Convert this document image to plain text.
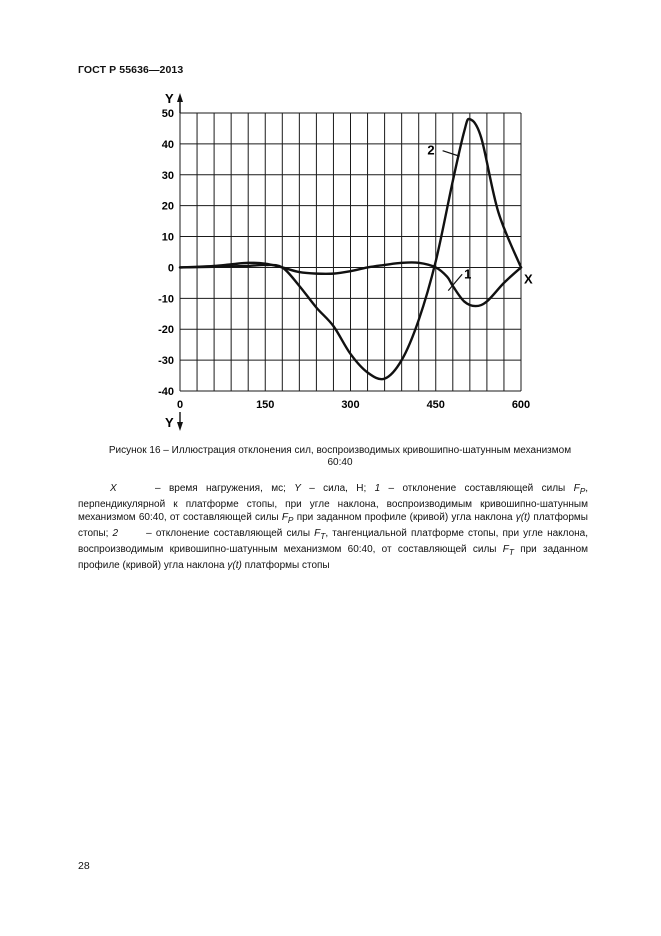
ГОСТ Р 55636—2013
Y
Y
X
50
40
30
20
10
0
-10
-20
-30
-40
0	150	300	450	600
1
2
Рисунок 16 – Иллюстрация отклонения сил, воспроизводимых кривошипно-шатунным механизмом
60:40
X	– время нагружения, мс; Y – сила, Н; 1 – отклонение составляющей силы $F_P$, перпендикулярной к платформе стопы, при угле наклона, воспроизводимым кривошипно-шатунным механизмом 60:40, от составляющей силы $F_P$ при заданном профиле (кривой) угла наклона γ(t) платформы стопы; 2	– отклонение составляющей силы $F_T$, тангенциальной платформе стопы, при угле наклона, воспроизводимым кривошипно-шатунным механизмом 60:40, от составляющей силы $F_T$ при заданном профиле (кривой) угла наклона γ(t) платформы стопы
28
